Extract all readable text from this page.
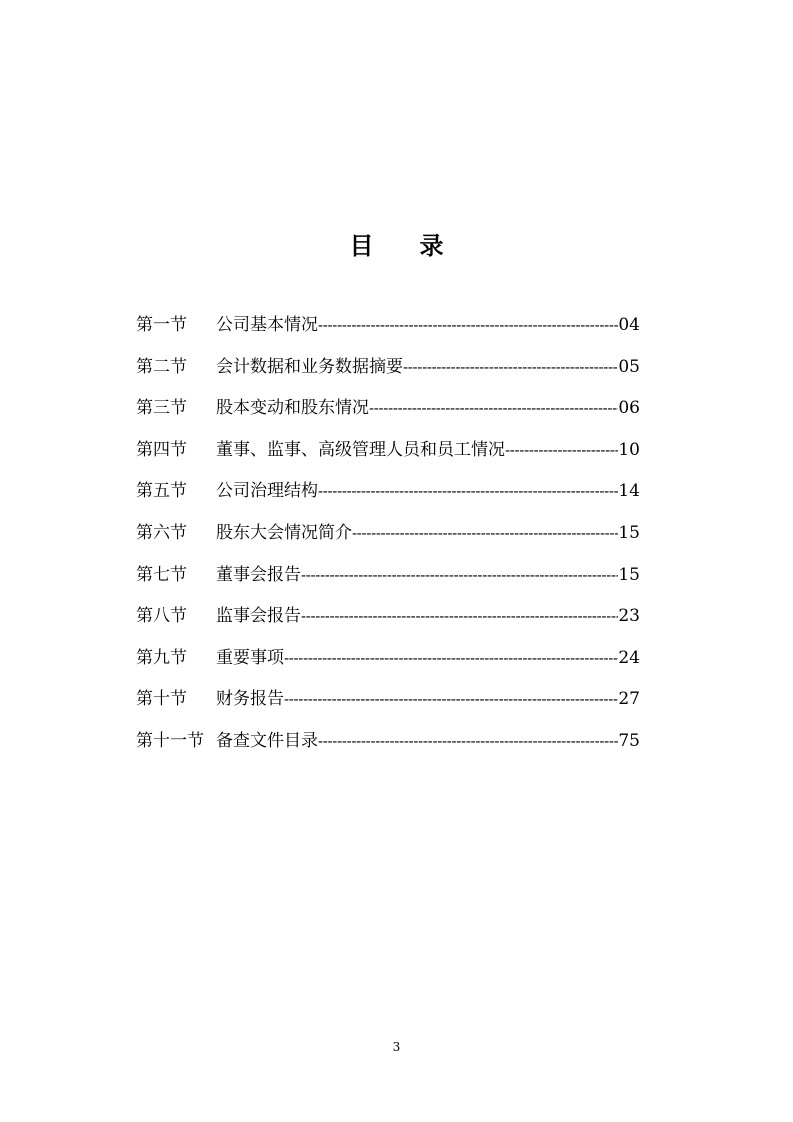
目 录
第一节	公司基本情况 -----	04
第二节	会计数据和业务数据摘要 -----	05
第三节	股本变动和股东情况 -----	06
第四节	董事、监事、高级管理人员和员工情况 -----	10
第五节	公司治理结构 -----	14
第六节	股东大会情况简介 -----	15
第七节	董事会报告 -----	15
第八节	监事会报告 -----	23
第九节	重要事项 -----	24
第十节	财务报告 -----	27
第十一节 备查文件目录 -----	75
3
